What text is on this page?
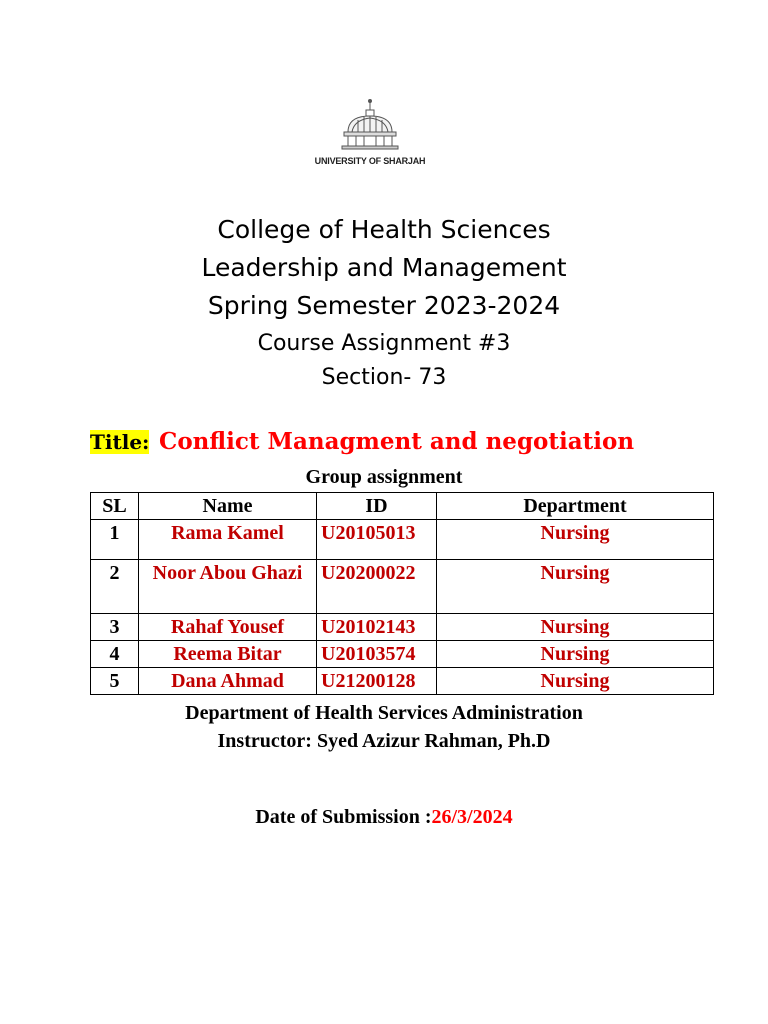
UNIVERSITY OF SHARJAH
College of Health Sciences
Leadership and Management
Spring Semester 2023-2024
Course Assignment #3
Section- 73
Title: Conflict Managment and negotiation
Group assignment
SL	Name	ID	Department
1	Rama Kamel	U20105013	Nursing
2	Noor Abou Ghazi	U20200022	Nursing
3	Rahaf Yousef	U20102143	Nursing
4	Reema Bitar	U20103574	Nursing
5	Dana Ahmad	U21200128	Nursing
Department of Health Services Administration
Instructor: Syed Azizur Rahman, Ph.D
Date of Submission :26/3/2024
